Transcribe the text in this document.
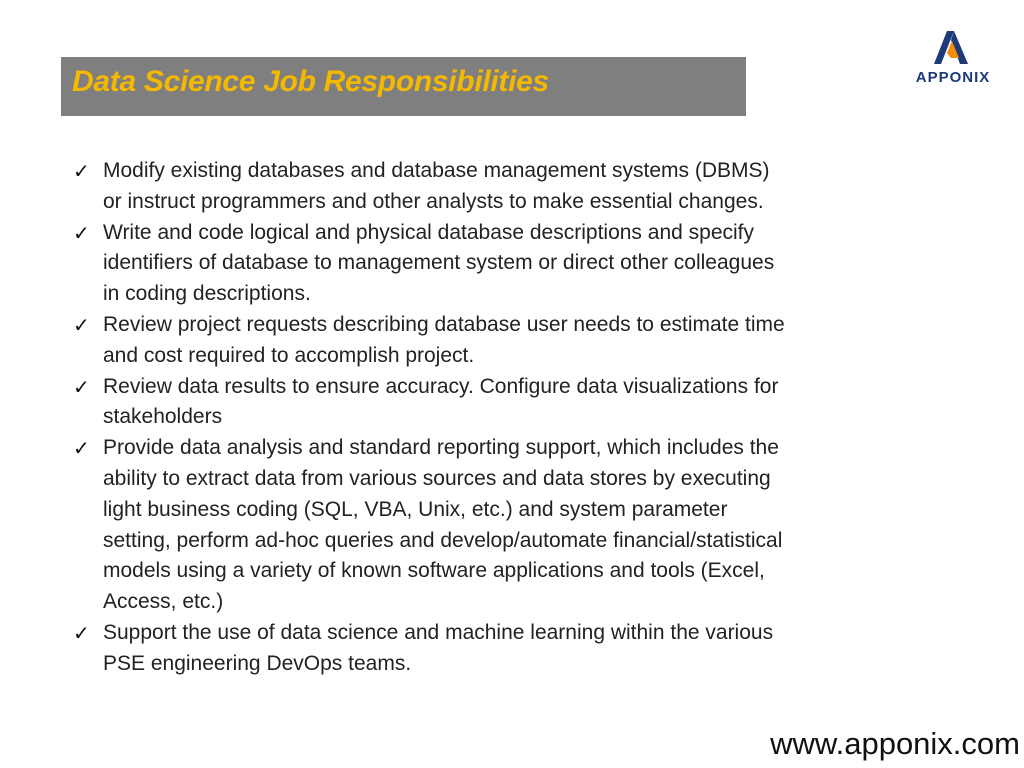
Data Science Job Responsibilities	APPONIX
✓ Modify existing databases and database management systems (DBMS) or instruct programmers and other analysts to make essential changes.
✓ Write and code logical and physical database descriptions and specify identifiers of database to management system or direct other colleagues in coding descriptions.
✓ Review project requests describing database user needs to estimate time and cost required to accomplish project.
✓ Review data results to ensure accuracy. Configure data visualizations for stakeholders
✓ Provide data analysis and standard reporting support, which includes the ability to extract data from various sources and data stores by executing light business coding (SQL, VBA, Unix, etc.) and system parameter setting, perform ad-hoc queries and develop/automate financial/statistical models using a variety of known software applications and tools (Excel, Access, etc.)
✓ Support the use of data science and machine learning within the various PSE engineering DevOps teams.
www.apponix.com
